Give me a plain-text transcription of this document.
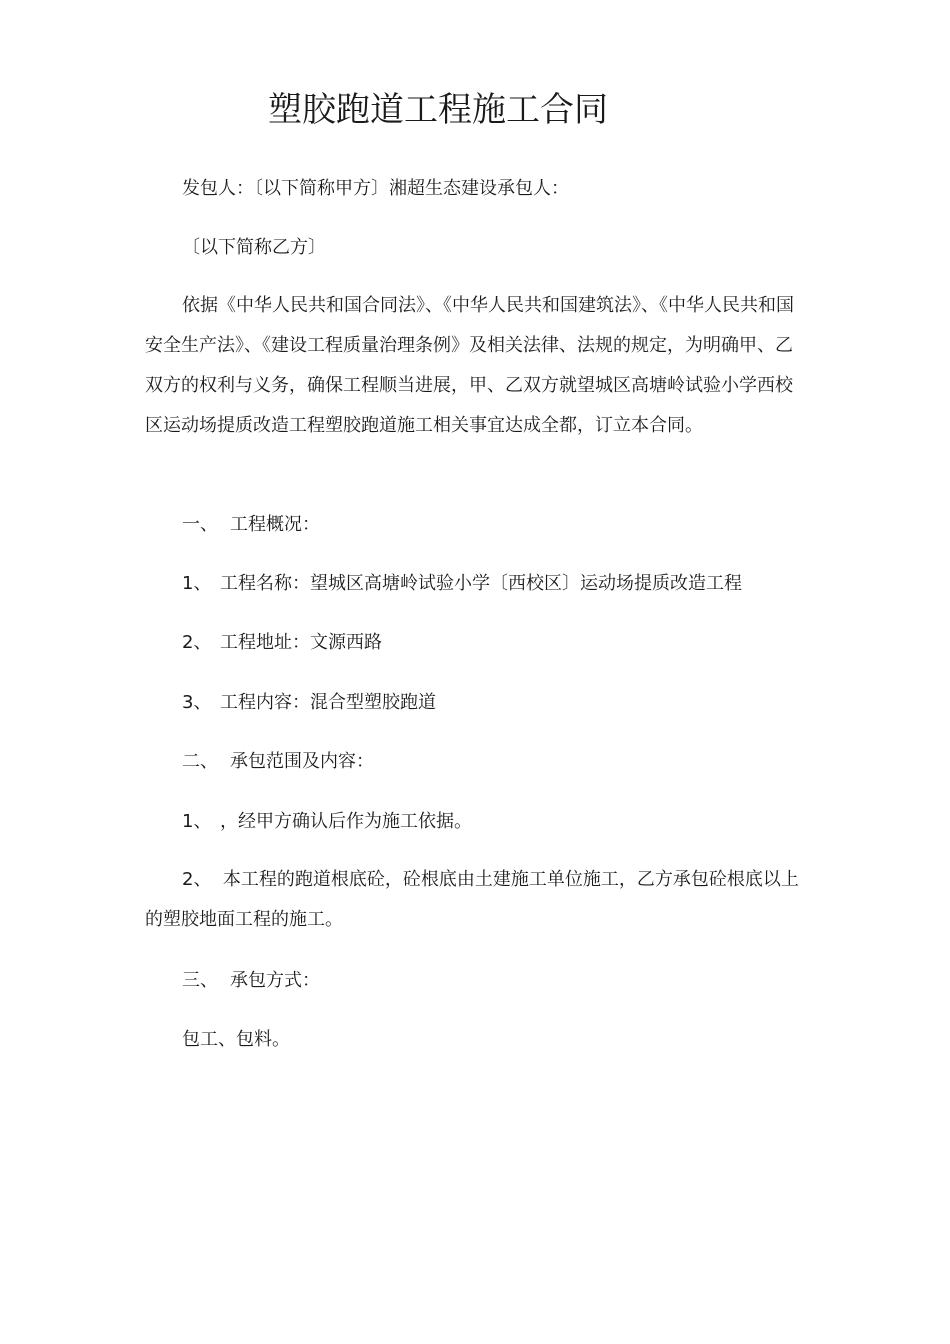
塑胶跑道工程施工合同
发包人：〔以下简称甲方〕湘超生态建设承包人：
〔以下简称乙方〕

依据《中华人民共和国合同法》、《中华人民共和国建筑法》、《中华人民共和国安全生产法》、《建设工程质量治理条例》及相关法律、法规的规定，为明确甲、乙双方的权利与义务，确保工程顺当进展，甲、乙双方就望城区高塘岭试验小学西校区运动场提质改造工程塑胶跑道施工相关事宜达成全都，订立本合同。

一、 工程概况：
1、 工程名称：望城区高塘岭试验小学〔西校区〕运动场提质改造工程
2、 工程地址：文源西路
3、 工程内容：混合型塑胶跑道
二、 承包范围及内容：
1、 ，经甲方确认后作为施工依据。

2、 本工程的跑道根底砼，砼根底由土建施工单位施工，乙方承包砼根底以上的塑胶地面工程的施工。

三、 承包方式：
包工、包料。
